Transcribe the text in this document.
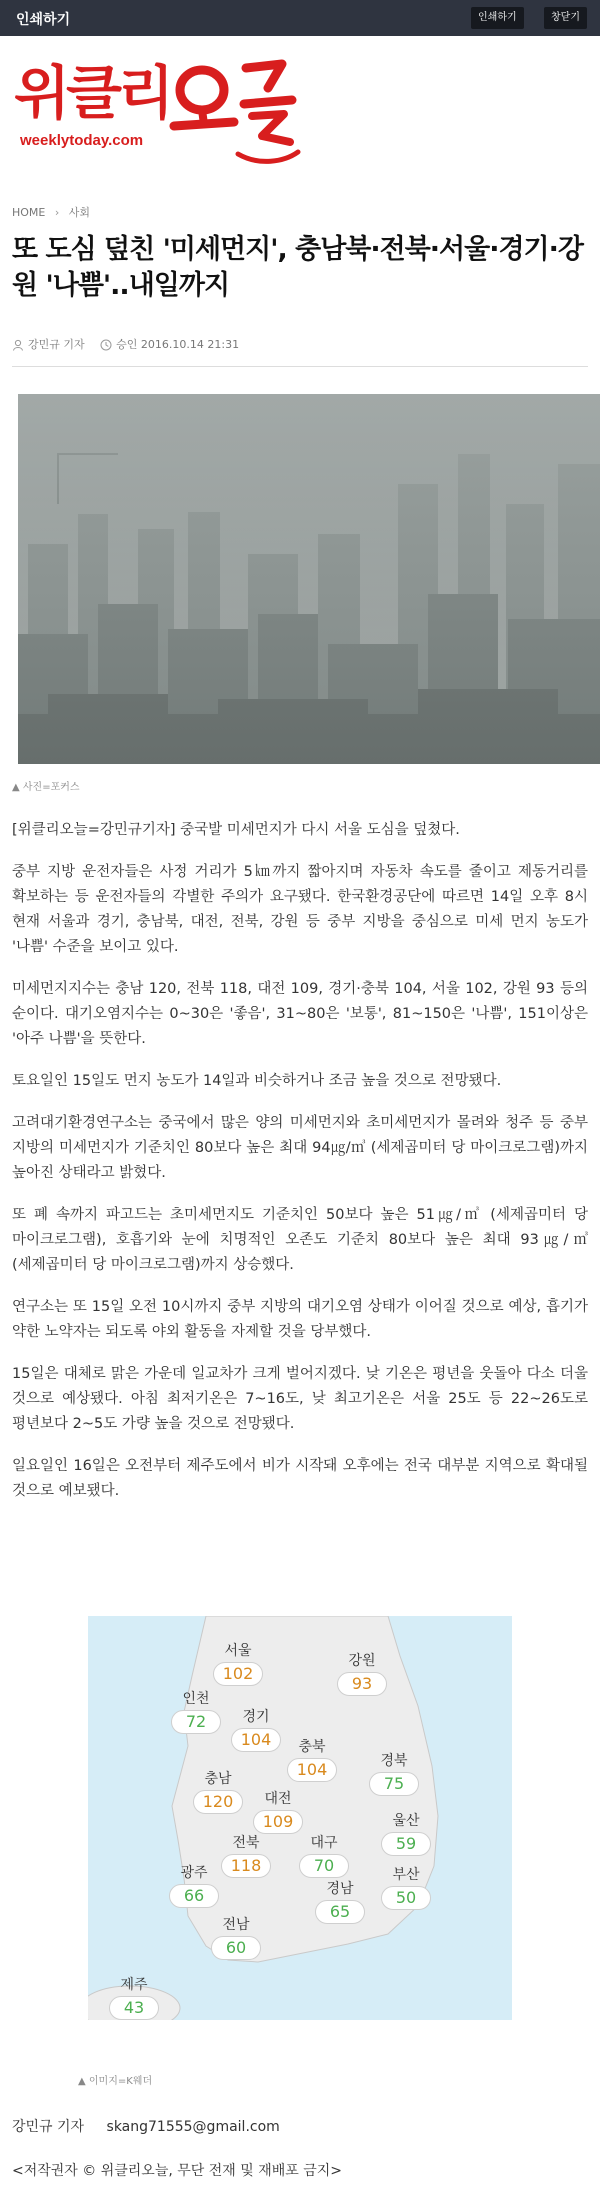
인쇄하기	인쇄하기	창닫기
위클리
weeklytoday.com
HOME › 사회
또 도심 덮친 '미세먼지', 충남북·전북·서울·경기·강원 '나쁨'..내일까지
강민규 기자	승인 2016.10.14 21:31
▲ 사진=포커스

[위클리오늘=강민규기자] 중국발 미세먼지가 다시 서울 도심을 덮쳤다.

중부 지방 운전자들은 사정 거리가 5㎞까지 짧아지며 자동차 속도를 줄이고 제동거리를 확보하는 등 운전자들의 각별한 주의가 요구됐다. 한국환경공단에 따르면 14일 오후 8시 현재 서울과 경기, 충남북, 대전, 전북, 강원 등 중부 지방을 중심으로 미세 먼지 농도가 '나쁨' 수준을 보이고 있다.

미세먼지지수는 충남 120, 전북 118, 대전 109, 경기·충북 104, 서울 102, 강원 93 등의 순이다. 대기오염지수는 0~30은 '좋음', 31~80은 '보통', 81~150은 '나쁨', 151이상은 '아주 나쁨'을 뜻한다.

토요일인 15일도 먼지 농도가 14일과 비슷하거나 조금 높을 것으로 전망됐다.

고려대기환경연구소는 중국에서 많은 양의 미세먼지와 초미세먼지가 몰려와 청주 등 중부 지방의 미세먼지가 기준치인 80보다 높은 최대 94㎍/㎥ (세제곱미터 당 마이크로그램)까지 높아진 상태라고 밝혔다.

또 폐 속까지 파고드는 초미세먼지도 기준치인 50보다 높은 51㎍/㎥ (세제곱미터 당 마이크로그램), 호흡기와 눈에 치명적인 오존도 기준치 80보다 높은 최대 93㎍/㎥ (세제곱미터 당 마이크로그램)까지 상승했다.

연구소는 또 15일 오전 10시까지 중부 지방의 대기오염 상태가 이어질 것으로 예상, 흡기가 약한 노약자는 되도록 야외 활동을 자제할 것을 당부했다.

15일은 대체로 맑은 가운데 일교차가 크게 벌어지겠다. 낮 기온은 평년을 웃돌아 다소 더울 것으로 예상됐다. 아침 최저기온은 7~16도, 낮 최고기온은 서울 25도 등 22~26도로 평년보다 2~5도 가량 높을 것으로 전망됐다.

일요일인 16일은 오전부터 제주도에서 비가 시작돼 오후에는 전국 대부분 지역으로 확대될 것으로 예보됐다.

서울
102
강원
93
인천
72	경기
104	충북
104	경북
75
충남
120	대전
109	울산
59
전북
118
대구
70	부산
50
광주
66	경남
65
전남
60
제주
43
▲ 이미지=K웨더
강민규 기자 skang71555@gmail.com
<저작권자 © 위클리오늘, 무단 전재 및 재배포 금지>
